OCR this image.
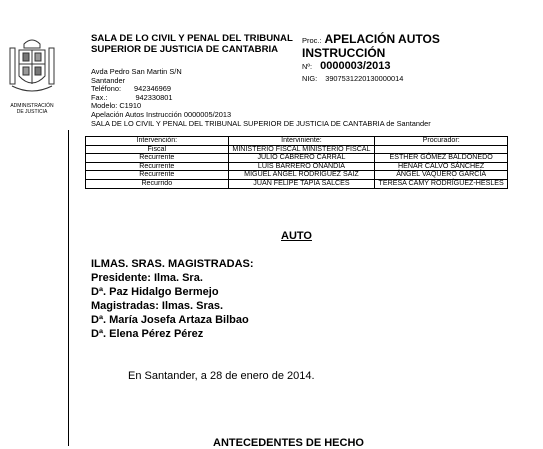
ADMINISTRACIÓN
DE JUSTICIA
SALA DE LO CIVIL Y PENAL DEL TRIBUNAL SUPERIOR DE JUSTICIA DE CANTABRIA
Avda Pedro San Martin S/N
Santander
Teléfono: 942346969
Fax.:	942330801
Modelo: C1910
Apelación Autos Instrucción 0000005/2013
SALA DE LO CIVIL Y PENAL DEL TRIBUNAL SUPERIOR DE JUSTICIA DE CANTABRIA de Santander
Proc.: APELACIÓN AUTOS INSTRUCCIÓN
Nº: 0000003/2013
NIG: 3907531220130000014
Intervención:	Interviniente:	Procurador:
Fiscal	MINISTERIO FISCAL MINISTERIO FISCAL	
Recurrente	JULIO CABRERO CARRAL	ESTHER GÓMEZ BALDONEDO
Recurrente	LUIS BARRERO ONANDIA	HENAR CALVO SÁNCHEZ
Recurrente	MIGUEL ANGEL RODRIGUEZ SAIZ	ÁNGEL VAQUERO GARCÍA
Recurrido	JUAN FELIPE TAPIA SALCES	TERESA CAMY RODRÍGUEZ-HESLES
AUTO
ILMAS. SRAS. MAGISTRADAS:
Presidente: Ilma. Sra.
Dª. Paz Hidalgo Bermejo
Magistradas: Ilmas. Sras.
Dª. María Josefa Artaza Bilbao
Dª. Elena Pérez Pérez
En Santander, a 28 de enero de 2014.
ANTECEDENTES DE HECHO
